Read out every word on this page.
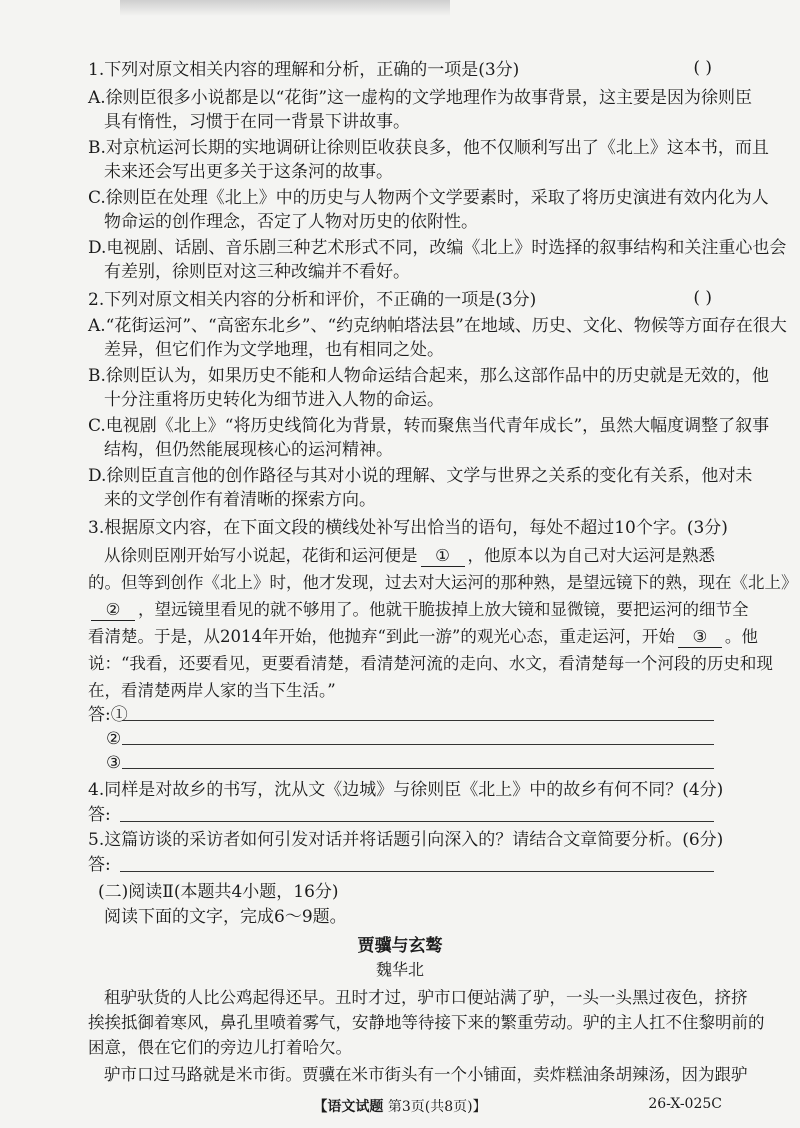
1.下列对原文相关内容的理解和分析，正确的一项是(3分)	( )
A.徐则臣很多小说都是以“花街”这一虚构的文学地理作为故事背景，这主要是因为徐则臣
具有惰性，习惯于在同一背景下讲故事。
B.对京杭运河长期的实地调研让徐则臣收获良多，他不仅顺利写出了《北上》这本书，而且
未来还会写出更多关于这条河的故事。
C.徐则臣在处理《北上》中的历史与人物两个文学要素时，采取了将历史演进有效内化为人
物命运的创作理念，否定了人物对历史的依附性。
D.电视剧、话剧、音乐剧三种艺术形式不同，改编《北上》时选择的叙事结构和关注重心也会
有差别，徐则臣对这三种改编并不看好。
2.下列对原文相关内容的分析和评价，不正确的一项是(3分)	( )
A.“花街运河”、“高密东北乡”、“约克纳帕塔法县”在地域、历史、文化、物候等方面存在很大
差异，但它们作为文学地理，也有相同之处。
B.徐则臣认为，如果历史不能和人物命运结合起来，那么这部作品中的历史就是无效的，他
十分注重将历史转化为细节进入人物的命运。
C.电视剧《北上》“将历史线简化为背景，转而聚焦当代青年成长”，虽然大幅度调整了叙事
结构，但仍然能展现核心的运河精神。
D.徐则臣直言他的创作路径与其对小说的理解、文学与世界之关系的变化有关系，他对未
来的文学创作有着清晰的探索方向。
3.根据原文内容，在下面文段的横线处补写出恰当的语句，每处不超过10个字。(3分)
从徐则臣刚开始写小说起，花街和运河便是 ① ，他原本以为自己对大运河是熟悉
的。但等到创作《北上》时，他才发现，过去对大运河的那种熟，是望远镜下的熟，现在《北上》
② ，望远镜里看见的就不够用了。他就干脆拔掉上放大镜和显微镜，要把运河的细节全
看清楚。于是，从2014年开始，他抛弃“到此一游”的观光心态，重走运河，开始 ③ 。他
说：“我看，还要看见，更要看清楚，看清楚河流的走向、水文，看清楚每一个河段的历史和现
在，看清楚两岸人家的当下生活。”
答:①
②
③
4.同样是对故乡的书写，沈从文《边城》与徐则臣《北上》中的故乡有何不同？(4分)
答:
5.这篇访谈的采访者如何引发对话并将话题引向深入的？请结合文章简要分析。(6分)
答:
(二)阅读Ⅱ(本题共4小题，16分)
阅读下面的文字，完成6～9题。
贾骥与玄骜
魏华北
租驴驮货的人比公鸡起得还早。丑时才过，驴市口便站满了驴，一头一头黑过夜色，挤挤
挨挨抵御着寒风，鼻孔里喷着雾气，安静地等待接下来的繁重劳动。驴的主人扛不住黎明前的
困意，偎在它们的旁边儿打着哈欠。
驴市口过马路就是米市街。贾骥在米市街头有一个小铺面，卖炸糕油条胡辣汤，因为跟驴
【语文试题 第3页(共8页)】	26-X-025C
